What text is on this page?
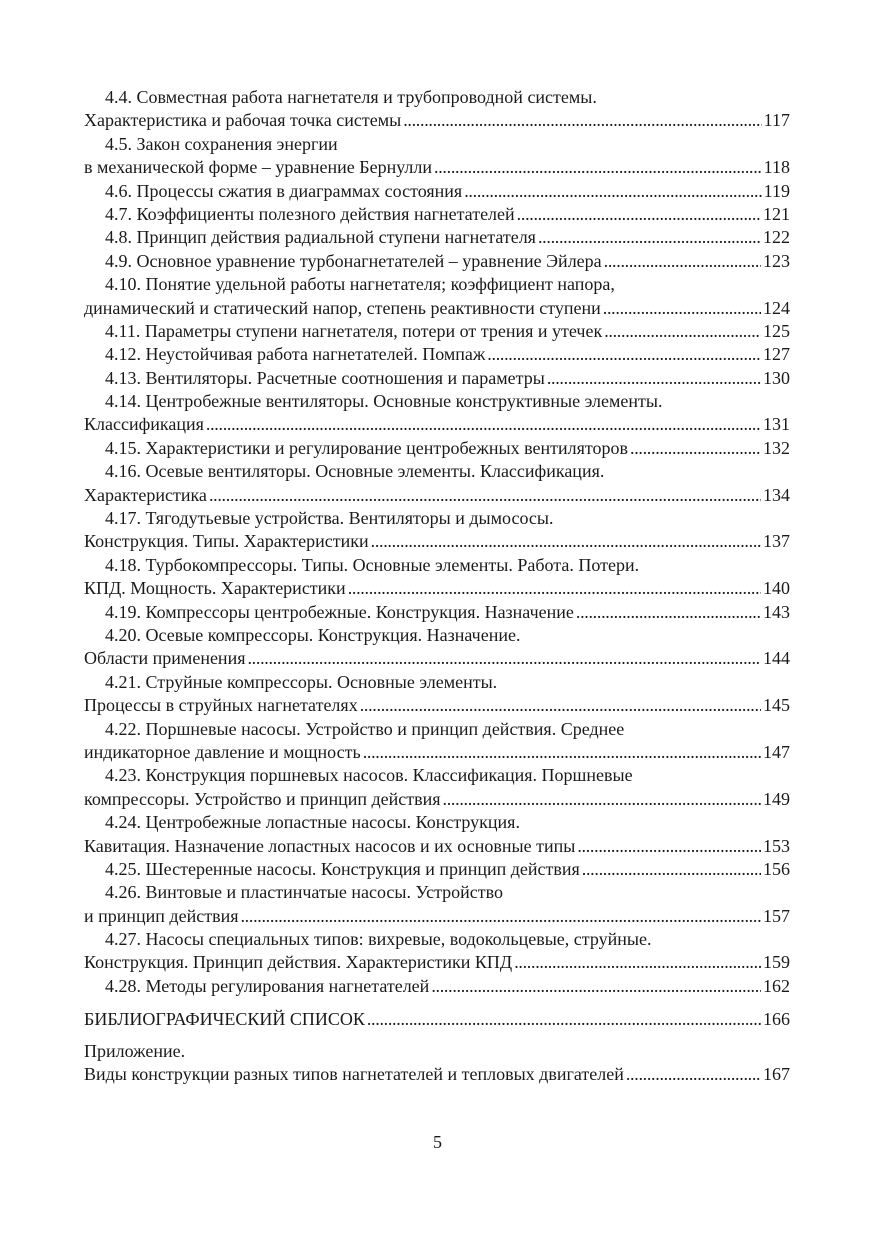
4.4. Совместная работа нагнетателя и трубопроводной системы.
Характеристика и рабочая точка системы . . .	117
4.5. Закон сохранения энергии
в механической форме – уравнение Бернулли . . .	118
4.6. Процессы сжатия в диаграммах состояния . . .	119
4.7. Коэффициенты полезного действия нагнетателей . . .	121
4.8. Принцип действия радиальной ступени нагнетателя . . .	122
4.9. Основное уравнение турбонагнетателей – уравнение Эйлера . . .	123
4.10. Понятие удельной работы нагнетателя; коэффициент напора,
динамический и статический напор, степень реактивности ступени . . .	124
4.11. Параметры ступени нагнетателя, потери от трения и утечек . . .	125
4.12. Неустойчивая работа нагнетателей. Помпаж . . .	127
4.13. Вентиляторы. Расчетные соотношения и параметры . . .	130
4.14. Центробежные вентиляторы. Основные конструктивные элементы.
Классификация . . .	131
4.15. Характеристики и регулирование центробежных вентиляторов . . .	132
4.16. Осевые вентиляторы. Основные элементы. Классификация.
Характеристика . . .	134
4.17. Тягодутьевые устройства. Вентиляторы и дымососы.
Конструкция. Типы. Характеристики . . .	137
4.18. Турбокомпрессоры. Типы. Основные элементы. Работа. Потери.
КПД. Мощность. Характеристики . . .	140
4.19. Компрессоры центробежные. Конструкция. Назначение . . .	143
4.20. Осевые компрессоры. Конструкция. Назначение.
Области применения . . .	144
4.21. Струйные компрессоры. Основные элементы.
Процессы в струйных нагнетателях . . .	145
4.22. Поршневые насосы. Устройство и принцип действия. Среднее
индикаторное давление и мощность . . .	147
4.23. Конструкция поршневых насосов. Классификация. Поршневые
компрессоры. Устройство и принцип действия . . .	149
4.24. Центробежные лопастные насосы. Конструкция.
Кавитация. Назначение лопастных насосов и их основные типы . . .	153
4.25. Шестеренные насосы. Конструкция и принцип действия . . .	156
4.26. Винтовые и пластинчатые насосы. Устройство
и принцип действия . . .	157
4.27. Насосы специальных типов: вихревые, водокольцевые, струйные.
Конструкция. Принцип действия. Характеристики КПД . . .	159
4.28. Методы регулирования нагнетателей . . .	162
БИБЛИОГРАФИЧЕСКИЙ СПИСОК . . .	166
Приложение.
Виды конструкции разных типов нагнетателей и тепловых двигателей . . .	167
5
